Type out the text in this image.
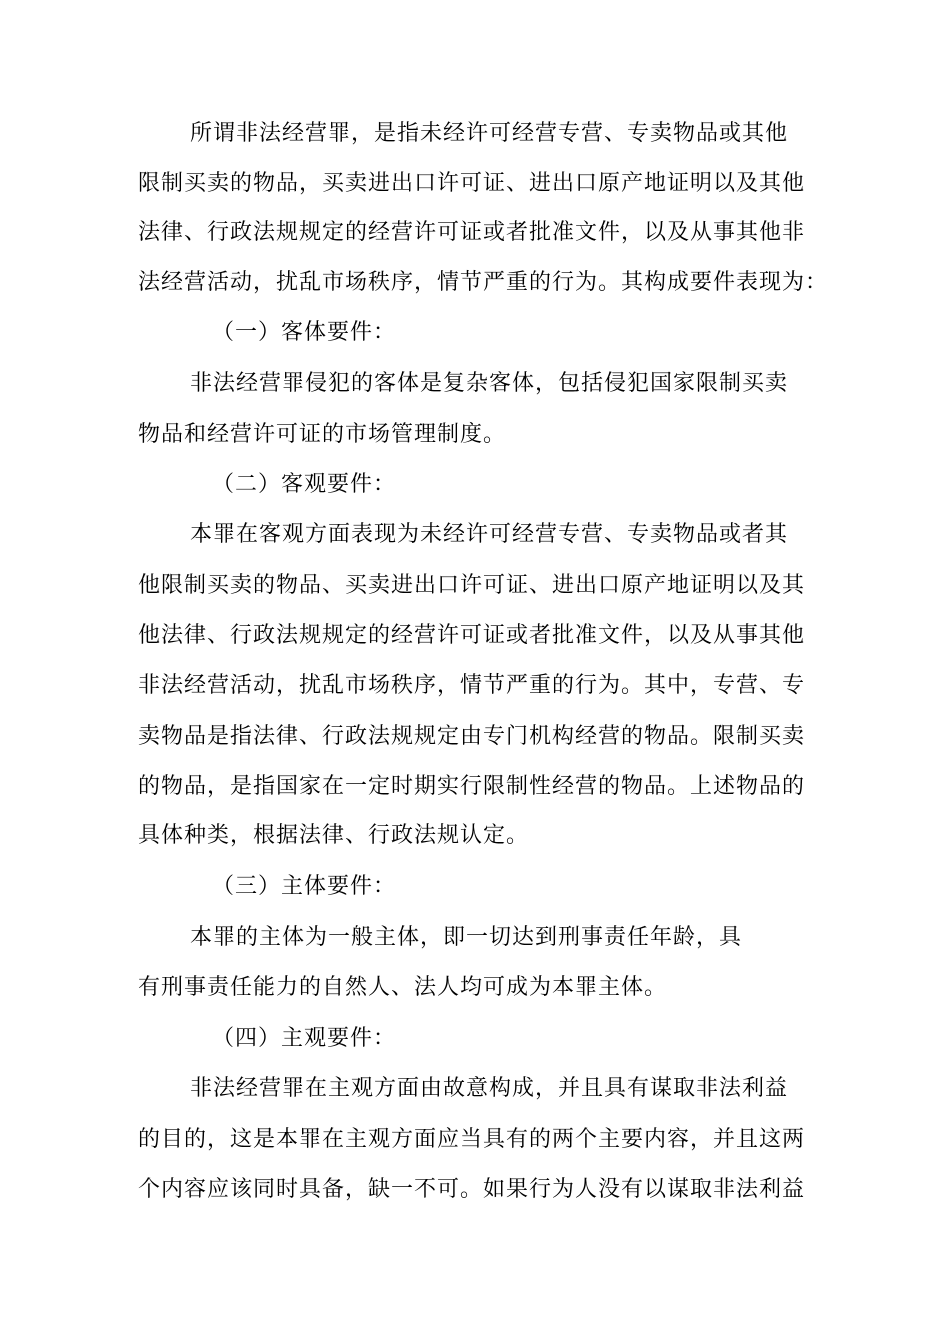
所谓非法经营罪，是指未经许可经营专营、专卖物品或其他
限制买卖的物品，买卖进出口许可证、进出口原产地证明以及其他
法律、行政法规规定的经营许可证或者批准文件，以及从事其他非
法经营活动，扰乱市场秩序，情节严重的行为。其构成要件表现为：
（一）客体要件：
非法经营罪侵犯的客体是复杂客体，包括侵犯国家限制买卖
物品和经营许可证的市场管理制度。
（二）客观要件：
本罪在客观方面表现为未经许可经营专营、专卖物品或者其
他限制买卖的物品、买卖进出口许可证、进出口原产地证明以及其
他法律、行政法规规定的经营许可证或者批准文件，以及从事其他
非法经营活动，扰乱市场秩序，情节严重的行为。其中，专营、专
卖物品是指法律、行政法规规定由专门机构经营的物品。限制买卖
的物品，是指国家在一定时期实行限制性经营的物品。上述物品的
具体种类，根据法律、行政法规认定。
（三）主体要件：
本罪的主体为一般主体，即一切达到刑事责任年龄，具
有刑事责任能力的自然人、法人均可成为本罪主体。
（四）主观要件：
非法经营罪在主观方面由故意构成，并且具有谋取非法利益
的目的，这是本罪在主观方面应当具有的两个主要内容，并且这两
个内容应该同时具备，缺一不可。如果行为人没有以谋取非法利益
